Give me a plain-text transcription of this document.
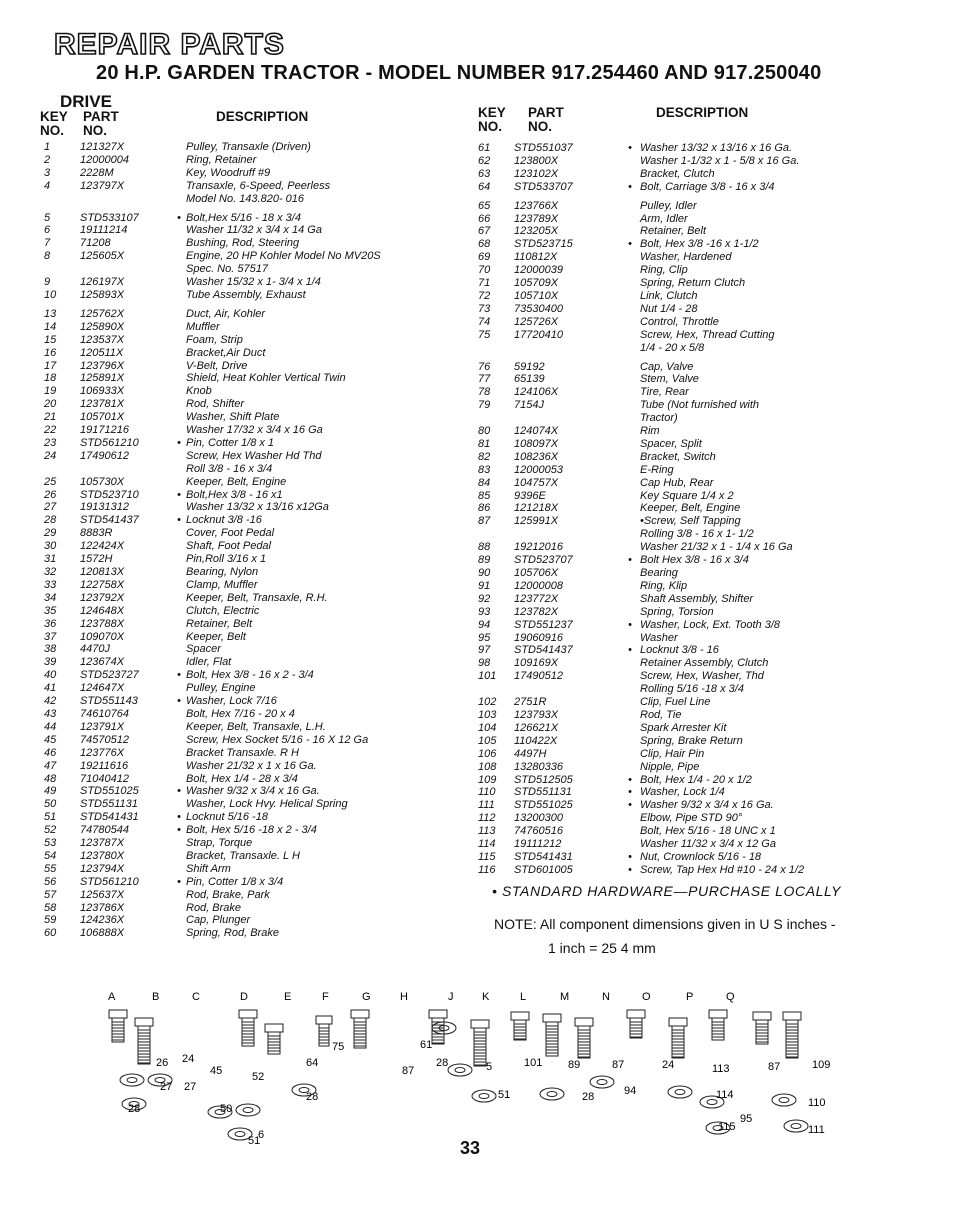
REPAIR PARTS
20 H.P. GARDEN TRACTOR - MODEL NUMBER 917.254460 AND 917.250040
DRIVE
KEY
NO.
PART
NO.
DESCRIPTION	KEY
NO.
PART
NO.
DESCRIPTION
1	121327X	Pulley, Transaxle (Driven)
2	12000004	Ring, Retainer
3	2228M	Key, Woodruff #9
4	123797X	Transaxle, 6-Speed, Peerless
Model No. 143.820- 016
5	STD533107	• Bolt,Hex 5/16 - 18 x 3/4
6	19111214	Washer 11/32 x 3/4 x 14 Ga
7	71208	Bushing, Rod, Steering
8	125605X	Engine, 20 HP Kohler Model No MV20S
Spec. No. 57517
9	126197X	Washer 15/32 x 1- 3/4 x 1/4
10	125893X	Tube Assembly, Exhaust
13	125762X	Duct, Air, Kohler
14	125890X	Muffler
15	123537X	Foam, Strip
16	120511X	Bracket,Air Duct
17	123796X	V-Belt, Drive
18	125891X	Shield, Heat Kohler Vertical Twin
19	106933X	Knob
20	123781X	Rod, Shifter
21	105701X	Washer, Shift Plate
22	19171216	Washer 17/32 x 3/4 x 16 Ga
23	STD561210	• Pin, Cotter 1/8 x 1
24	17490612	Screw, Hex Washer Hd Thd
Roll 3/8 - 16 x 3/4
25	105730X	Keeper, Belt, Engine
26	STD523710	• Bolt,Hex 3/8 - 16 x1
27	19131312	Washer 13/32 x 13/16 x12Ga
28	STD541437	• Locknut 3/8 -16
29	8883R	Cover, Foot Pedal
30	122424X	Shaft, Foot Pedal
31	1572H	Pin,Roll 3/16 x 1
32	120813X	Bearing, Nylon
33	122758X	Clamp, Muffler
34	123792X	Keeper, Belt, Transaxle, R.H.
35	124648X	Clutch, Electric
36	123788X	Retainer, Belt
37	109070X	Keeper, Belt
38	4470J	Spacer
39	123674X	Idler, Flat
40	STD523727	• Bolt, Hex 3/8 - 16 x 2 - 3/4
41	124647X	Pulley, Engine
42	STD551143	• Washer, Lock 7/16
43	74610764	Bolt, Hex 7/16 - 20 x 4
44	123791X	Keeper, Belt, Transaxle, L.H.
45	74570512	Screw, Hex Socket 5/16 - 16 X 12 Ga
46	123776X	Bracket Transaxle. R H
47	19211616	Washer 21/32 x 1 x 16 Ga.
48	71040412	Bolt, Hex 1/4 - 28 x 3/4
49	STD551025	• Washer 9/32 x 3/4 x 16 Ga.
50	STD551131	Washer, Lock Hvy. Helical Spring
51	STD541431	• Locknut 5/16 -18
52	74780544	• Bolt, Hex 5/16 -18 x 2 - 3/4
53	123787X	Strap, Torque
54	123780X	Bracket, Transaxle. L H
55	123794X	Shift Arm
56	STD561210	• Pin, Cotter 1/8 x 3/4
57	125637X	Rod, Brake, Park
58	123786X	Rod, Brake
59	124236X	Cap, Plunger
60	106888X	Spring, Rod, Brake
61	STD551037	• Washer 13/32 x 13/16 x 16 Ga.
62	123800X	Washer 1-1/32 x 1 - 5/8 x 16 Ga.
63	123102X	Bracket, Clutch
64	STD533707	• Bolt, Carriage 3/8 - 16 x 3/4
65	123766X	Pulley, Idler
66	123789X	Arm, Idler
67	123205X	Retainer, Belt
68	STD523715	• Bolt, Hex 3/8 -16 x 1-1/2
69	110812X	Washer, Hardened
70	12000039	Ring, Clip
71	105709X	Spring, Return Clutch
72	105710X	Link, Clutch
73	73530400	Nut 1/4 - 28
74	125726X	Control, Throttle
75	17720410	Screw, Hex, Thread Cutting
1/4 - 20 x 5/8
76	59192	Cap, Valve
77	65139	Stem, Valve
78	124106X	Tire, Rear
79	7154J	Tube (Not furnished with
Tractor)
80	124074X	Rim
81	108097X	Spacer, Split
82	108236X	Bracket, Switch
83	12000053	E-Ring
84	104757X	Cap Hub, Rear
85	9396E	Key Square 1/4 x 2
86	121218X	Keeper, Belt, Engine
87	125991X	•Screw, Self Tapping
Rolling 3/8 - 16 x 1- 1/2
88	19212016	Washer 21/32 x 1 - 1/4 x 16 Ga
89	STD523707	• Bolt Hex 3/8 - 16 x 3/4
90	105706X	Bearing
91	12000008	Ring, Klip
92	123772X	Shaft Assembly, Shifter
93	123782X	Spring, Torsion
94	STD551237	• Washer, Lock, Ext. Tooth 3/8
95	19060916	Washer
97	STD541437	• Locknut 3/8 - 16
98	109169X	Retainer Assembly, Clutch
101	17490512	Screw, Hex, Washer, Thd
Rolling 5/16 -18 x 3/4
102	2751R	Clip, Fuel Line
103	123793X	Rod, Tie
104	126621X	Spark Arrester Kit
105	110422X	Spring, Brake Return
106	4497H	Clip, Hair Pin
108	13280336	Nipple, Pipe
109	STD512505	• Bolt, Hex 1/4 - 20 x 1/2
110	STD551131	• Washer, Lock 1/4
111	STD551025	• Washer 9/32 x 3/4 x 16 Ga.
112	13200300	Elbow, Pipe STD 90°
113	74760516	Bolt, Hex 5/16 - 18 UNC x 1
114	19111212	Washer 11/32 x 3/4 x 12 Ga
115	STD541431	• Nut, Crownlock 5/16 - 18
116	STD601005	• Screw, Tap Hex Hd #10 - 24 x 1/2
• STANDARD HARDWARE—PURCHASE LOCALLY
NOTE: All component dimensions given in U S inches -
1 inch = 25 4 mm
A	B	C	D	E	F	G	H	J	K	L	M	N	O	P	Q
26 24
27 27
28
45
50
52
64
28
6
51
75
87
61
28	5	101
51
89
28	94
87	24	113
114
95
115
87	109
110
111
33
